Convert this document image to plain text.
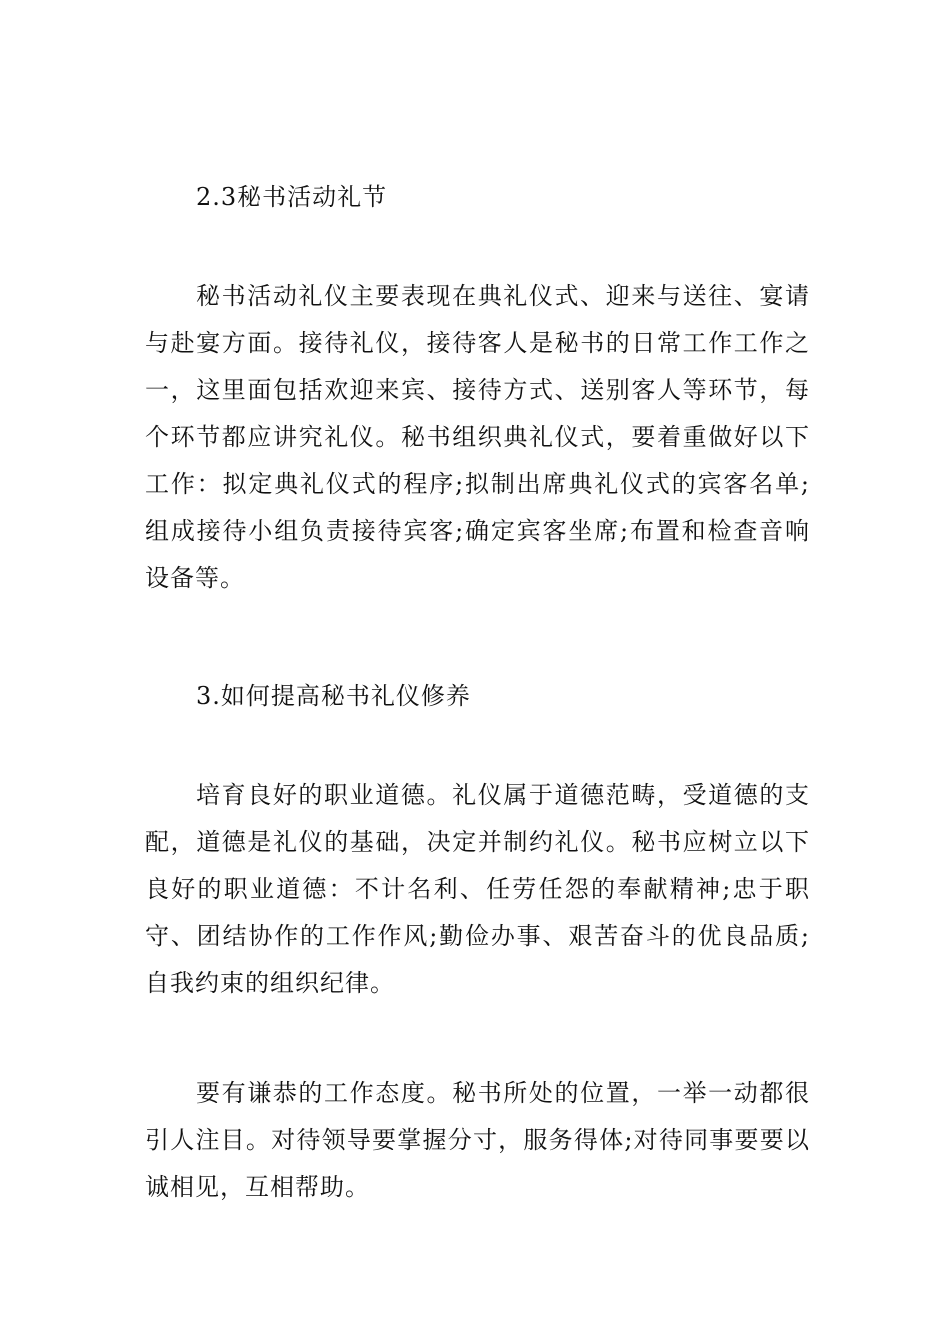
2.3秘书活动礼节
秘书活动礼仪主要表现在典礼仪式、迎来与送往、宴请与赴宴方面。接待礼仪，接待客人是秘书的日常工作工作之一，这里面包括欢迎来宾、接待方式、送别客人等环节，每个环节都应讲究礼仪。秘书组织典礼仪式，要着重做好以下工作：拟定典礼仪式的程序;拟制出席典礼仪式的宾客名单;组成接待小组负责接待宾客;确定宾客坐席;布置和检查音响设备等。
3.如何提高秘书礼仪修养
培育良好的职业道德。礼仪属于道德范畴，受道德的支配，道德是礼仪的基础，决定并制约礼仪。秘书应树立以下良好的职业道德：不计名利、任劳任怨的奉献精神;忠于职守、团结协作的工作作风;勤俭办事、艰苦奋斗的优良品质;自我约束的组织纪律。
要有谦恭的工作态度。秘书所处的位置，一举一动都很引人注目。对待领导要掌握分寸，服务得体;对待同事要要以诚相见，互相帮助。
